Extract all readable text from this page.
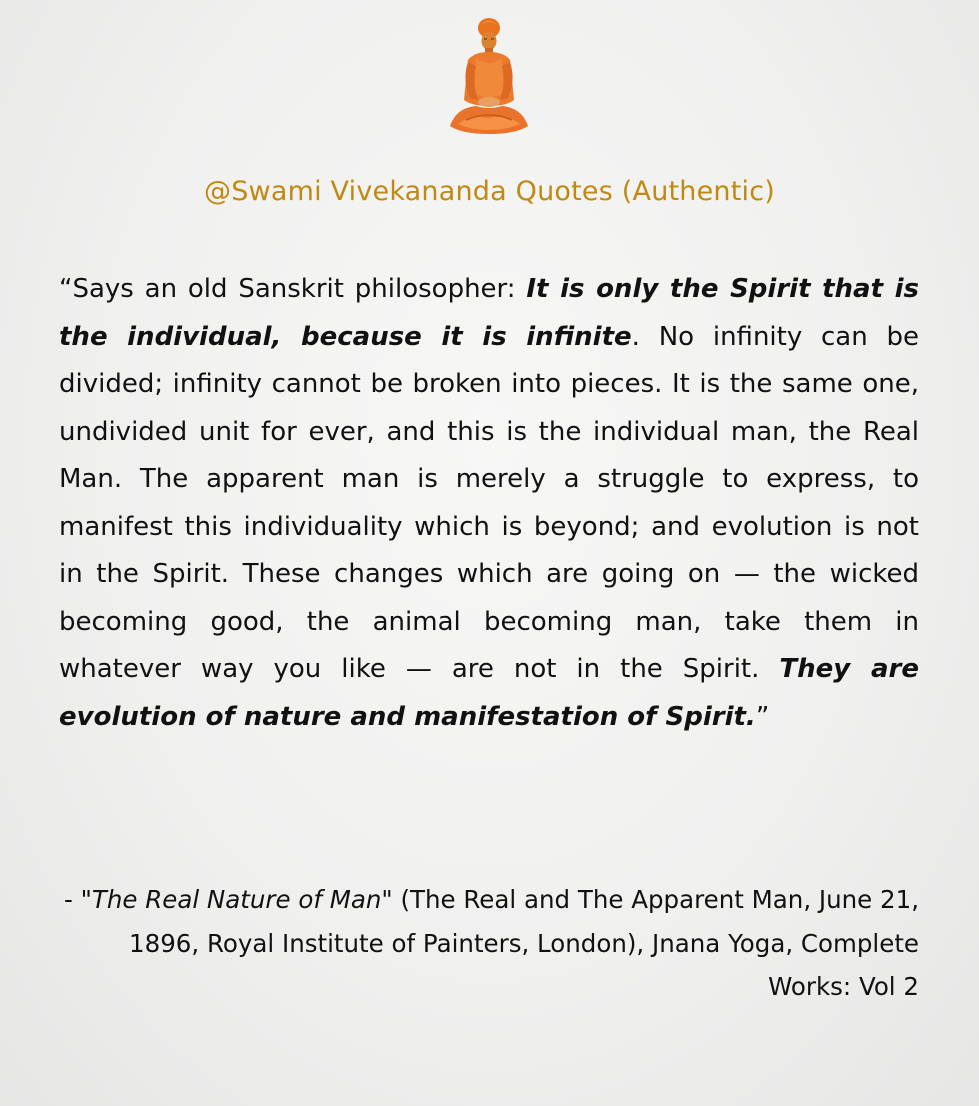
@Swami Vivekananda Quotes (Authentic)
“Says an old Sanskrit philosopher: It is only the Spirit that is the individual, because it is infinite. No infinity can be divided; infinity cannot be broken into pieces. It is the same one, undivided unit for ever, and this is the individual man, the Real Man. The apparent man is merely a struggle to express, to manifest this individuality which is beyond; and evolution is not in the Spirit. These changes which are going on — the wicked becoming good, the animal becoming man, take them in whatever way you like — are not in the Spirit. They are evolution of nature and manifestation of Spirit.”
- "The Real Nature of Man" (The Real and The Apparent Man, June 21, 1896, Royal Institute of Painters, London), Jnana Yoga, Complete Works: Vol 2
